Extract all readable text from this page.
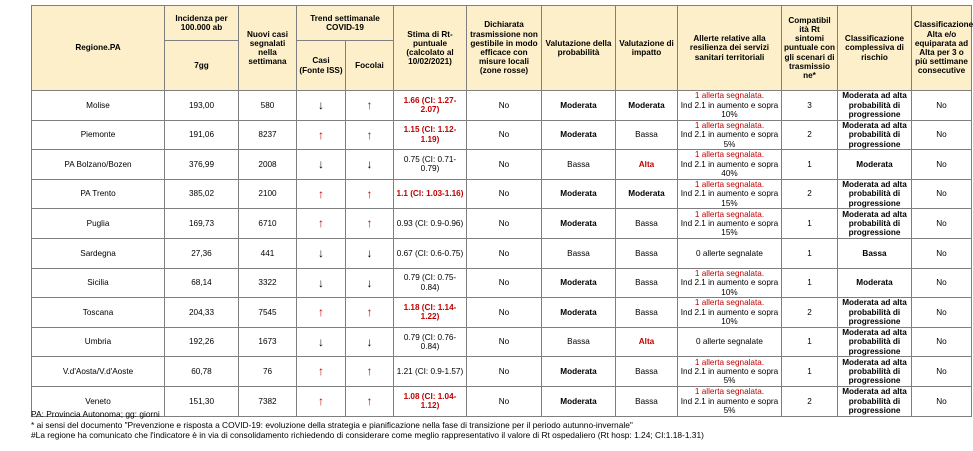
Regione.PA	Incidenza per 100.000 ab	Nuovi casi segnalati nella settimana	Trend settimanale COVID-19		Stima di Rt-puntuale (calcolato al 10/02/2021)	Dichiarata trasmissione non gestibile in modo efficace con misure locali (zone rosse)	Valutazione della probabilità	Valutazione di impatto	Allerte relative alla resilienza dei servizi sanitari territoriali	Compatibil ità Rt sintomi puntuale con gli scenari di trasmissio ne*	Classificazione complessiva di rischio	Classificazione Alta e/o equiparata ad Alta per 3 o più settimane consecutive
	7gg		Casi (Fonte ISS)	Focolai								
Molise	193,00	580	↓	↑	1.66 (CI: 1.27-2.07)	No	Moderata	Moderata	1 allerta segnalata.
Ind 2.1 in aumento e sopra 10%	3	Moderata ad alta probabilità di progressione	No
Piemonte	191,06	8237	↑	↑	1.15 (CI: 1.12-1.19)	No	Moderata	Bassa	1 allerta segnalata.
Ind 2.1 in aumento e sopra 5%	2	Moderata ad alta probabilità di progressione	No
PA Bolzano/Bozen	376,99	2008	↓	↓	0.75 (CI: 0.71-0.79)	No	Bassa	Alta	1 allerta segnalata.
Ind 2.1 in aumento e sopra 40%	1	Moderata	No
PA Trento	385,02	2100	↑	↑	1.1 (CI: 1.03-1.16)	No	Moderata	Moderata	1 allerta segnalata.
Ind 2.1 in aumento e sopra 15%	2	Moderata ad alta probabilità di progressione	No
Puglia	169,73	6710	↑	↑	0.93 (CI: 0.9-0.96)	No	Moderata	Bassa	1 allerta segnalata.
Ind 2.1 in aumento e sopra 15%	1	Moderata ad alta probabilità di progressione	No
Sardegna	27,36	441	↓	↓	0.67 (CI: 0.6-0.75)	No	Bassa	Bassa	0 allerte segnalate	1	Bassa	No
Sicilia	68,14	3322	↓	↓	0.79 (CI: 0.75-0.84)	No	Moderata	Bassa	1 allerta segnalata.
Ind 2.1 in aumento e sopra 10%	1	Moderata	No
Toscana	204,33	7545	↑	↑	1.18 (CI: 1.14-1.22)	No	Moderata	Bassa	1 allerta segnalata.
Ind 2.1 in aumento e sopra 10%	2	Moderata ad alta probabilità di progressione	No
Umbria	192,26	1673	↓	↓	0.79 (CI: 0.76-0.84)	No	Bassa	Alta	0 allerte segnalate	1	Moderata ad alta probabilità di progressione	No
V.d'Aosta/V.d'Aoste	60,78	76	↑	↑	1.21 (CI: 0.9-1.57)	No	Moderata	Bassa	1 allerta segnalata.
Ind 2.1 in aumento e sopra 5%	1	Moderata ad alta probabilità di progressione	No
Veneto	151,30	7382	↑	↑	1.08 (CI: 1.04-1.12)	No	Moderata	Bassa	1 allerta segnalata.
Ind 2.1 in aumento e sopra 5%	2	Moderata ad alta probabilità di progressione	No
PA: Provincia Autonoma; gg: giorni
* ai sensi del documento "Prevenzione e risposta a COVID-19: evoluzione della strategia e pianificazione nella fase di transizione per il periodo autunno-invernale"
#La regione ha comunicato che l'indicatore è in via di consolidamento richiedendo di considerare come meglio rappresentativo il valore di Rt ospedaliero (Rt hosp: 1.24; CI:1.18-1.31)
